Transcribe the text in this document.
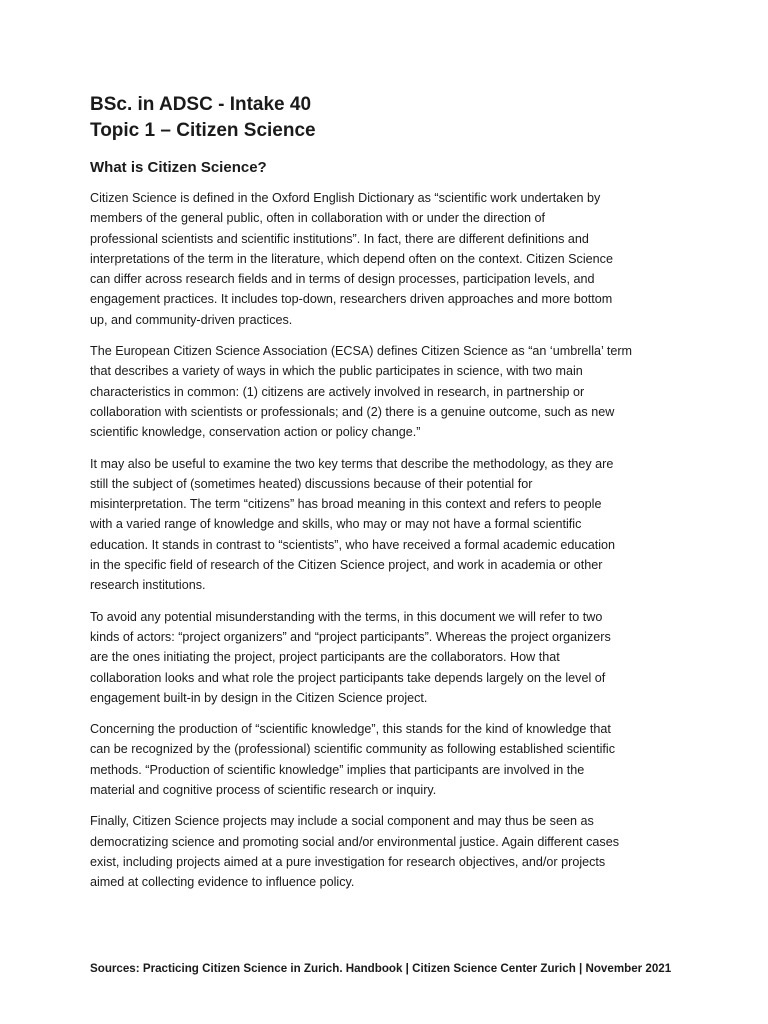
BSc. in ADSC - Intake 40
Topic 1 – Citizen Science
What is Citizen Science?

Citizen Science is defined in the Oxford English Dictionary as “scientific work undertaken by
members of the general public, often in collaboration with or under the direction of
professional scientists and scientific institutions”. In fact, there are different definitions and
interpretations of the term in the literature, which depend often on the context. Citizen Science
can differ across research fields and in terms of design processes, participation levels, and
engagement practices. It includes top-down, researchers driven approaches and more bottom
up, and community-driven practices.

The European Citizen Science Association (ECSA) defines Citizen Science as “an ‘umbrella’ term
that describes a variety of ways in which the public participates in science, with two main
characteristics in common: (1) citizens are actively involved in research, in partnership or
collaboration with scientists or professionals; and (2) there is a genuine outcome, such as new
scientific knowledge, conservation action or policy change.”

It may also be useful to examine the two key terms that describe the methodology, as they are
still the subject of (sometimes heated) discussions because of their potential for
misinterpretation. The term “citizens” has broad meaning in this context and refers to people
with a varied range of knowledge and skills, who may or may not have a formal scientific
education. It stands in contrast to “scientists”, who have received a formal academic education
in the specific field of research of the Citizen Science project, and work in academia or other
research institutions.

To avoid any potential misunderstanding with the terms, in this document we will refer to two
kinds of actors: “project organizers” and “project participants”. Whereas the project organizers
are the ones initiating the project, project participants are the collaborators. How that
collaboration looks and what role the project participants take depends largely on the level of
engagement built-in by design in the Citizen Science project.

Concerning the production of “scientific knowledge”, this stands for the kind of knowledge that
can be recognized by the (professional) scientific community as following established scientific
methods. “Production of scientific knowledge” implies that participants are involved in the
material and cognitive process of scientific research or inquiry.

Finally, Citizen Science projects may include a social component and may thus be seen as
democratizing science and promoting social and/or environmental justice. Again different cases
exist, including projects aimed at a pure investigation for research objectives, and/or projects
aimed at collecting evidence to influence policy.

Sources: Practicing Citizen Science in Zurich. Handbook | Citizen Science Center Zurich | November 2021
